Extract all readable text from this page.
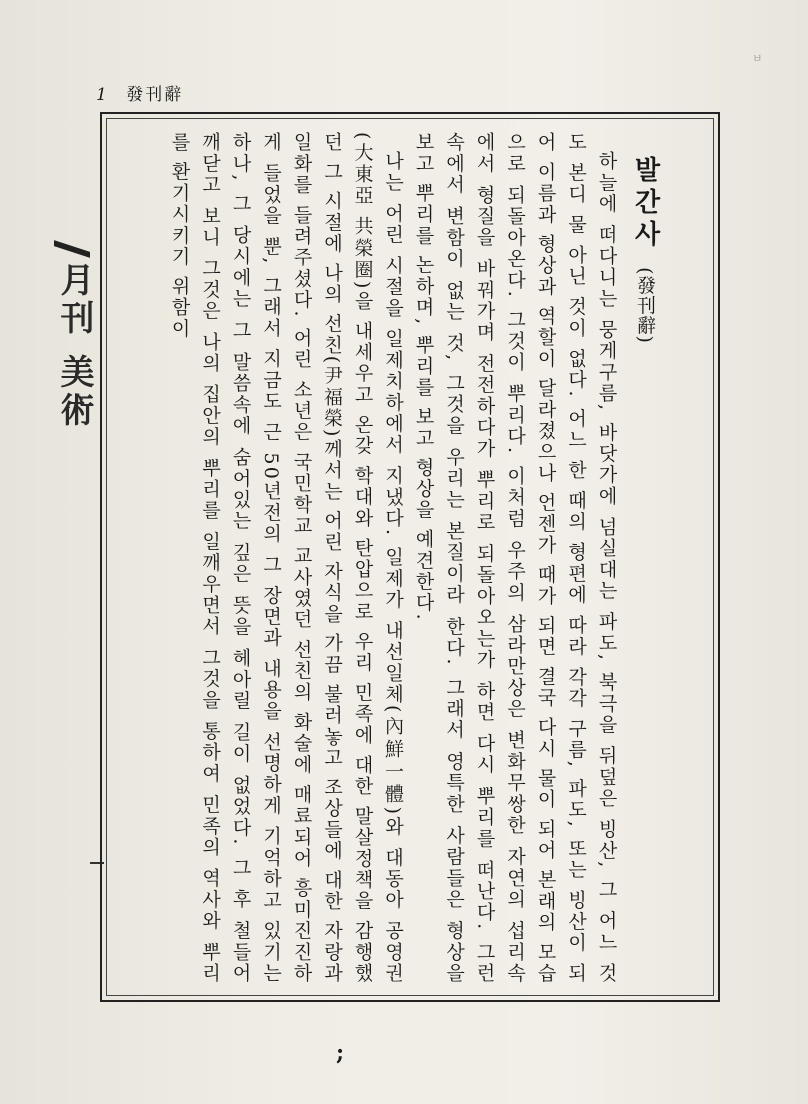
1 發刊辭
ㅂ
月刊 美術
발간사 (發刊辭)

하늘에 떠다니는 뭉게구름, 바닷가에 넘실대는 파도, 북극을 뒤덮은 빙산, 그 어느 것도 본디 물 아닌 것이 없다. 어느 한 때의 형편에 따라 각각 구름, 파도, 또는 빙산이 되어 이름과 형상과 역할이 달라졌으나 언젠가 때가 되면 결국 다시 물이 되어 본래의 모습으로 되돌아온다. 그것이 뿌리다. 이처럼 우주의 삼라만상은 변화무쌍한 자연의 섭리속에서 형질을 바꿔가며 전전하다가 뿌리로 되돌아오는가 하면 다시 뿌리를 떠난다. 그런속에서 변함이 없는 것, 그것을 우리는 본질이라 한다. 그래서 영특한 사람들은 형상을 보고 뿌리를 논하며, 뿌리를 보고 형상을 예견한다.

나는 어린 시절을 일제치하에서 지냈다. 일제가 내선일체(內鮮一體)와 대동아 공영권(大東亞 共榮圈)을 내세우고 온갖 학대와 탄압으로 우리 민족에 대한 말살정책을 감행했던 그 시절에 나의 선친(尹福榮)께서는 어린 자식을 가끔 불러놓고 조상들에 대한 자랑과 일화를 들려주셨다. 어린 소년은 국민학교 교사였던 선친의 화술에 매료되어 흥미진진하게 들었을 뿐, 그래서 지금도 근 50년전의 그 장면과 내용을 선명하게 기억하고 있기는 하나, 그 당시에는 그 말씀속에 숨어있는 깊은 뜻을 헤아릴 길이 없었다. 그 후 철들어 깨닫고 보니 그것은 나의 집안의 뿌리를 일깨우면서 그것을 통하여 민족의 역사와 뿌리를 환기시키기 위함이

;
